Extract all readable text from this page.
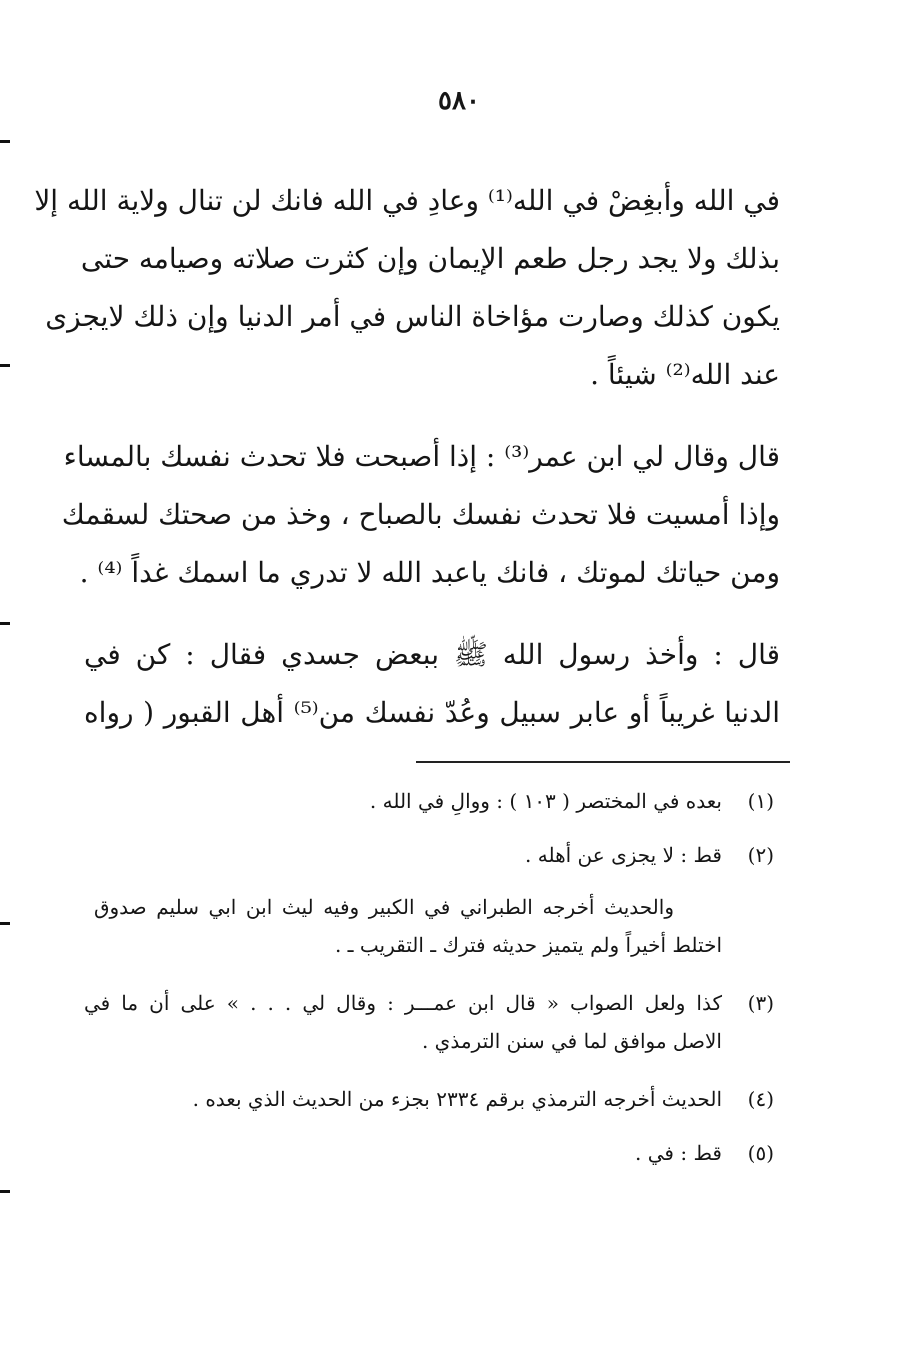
٥٨٠
في الله وأبغِضْ في الله⁽¹⁾ وعادِ في الله فانك لن تنال ولاية الله إلا
بذلك ولا يجد رجل طعم الإيمان وإن كثرت صلاته وصيامه حتى
يكون كذلك وصارت مؤاخاة الناس في أمر الدنيا وإن ذلك لايجزى
عند الله⁽²⁾ شيئاً .
قال وقال لي ابن عمر⁽³⁾ : إذا أصبحت فلا تحدث نفسك بالمساء
وإذا أمسيت فلا تحدث نفسك بالصباح ، وخذ من صحتك لسقمك
ومن حياتك لموتك ، فانك ياعبد الله لا تدري ما اسمك غداً ⁽⁴⁾ .
قال : وأخذ رسول الله ﷺ ببعض جسدي فقال : كن في
الدنيا غريباً أو عابر سبيل وعُدّ نفسك من⁽⁵⁾ أهل القبور ( رواه
(١)بعده في المختصر ( ١٠٣ ) : ووالِ في الله .
(٢)قط : لا يجزى عن أهله .
والحديث أخرجه الطبراني في الكبير وفيه ليث ابن ابي سليم صدوق
اختلط أخيراً ولم يتميز حديثه فترك ـ التقريب ـ .
(٣)كذا ولعل الصواب « قال ابن عمـــر : وقال لي . . . » على أن ما في
الاصل موافق لما في سنن الترمذي .
(٤)الحديث أخرجه الترمذي برقم ٢٣٣٤ بجزء من الحديث الذي بعده .
(٥)قط : في .
